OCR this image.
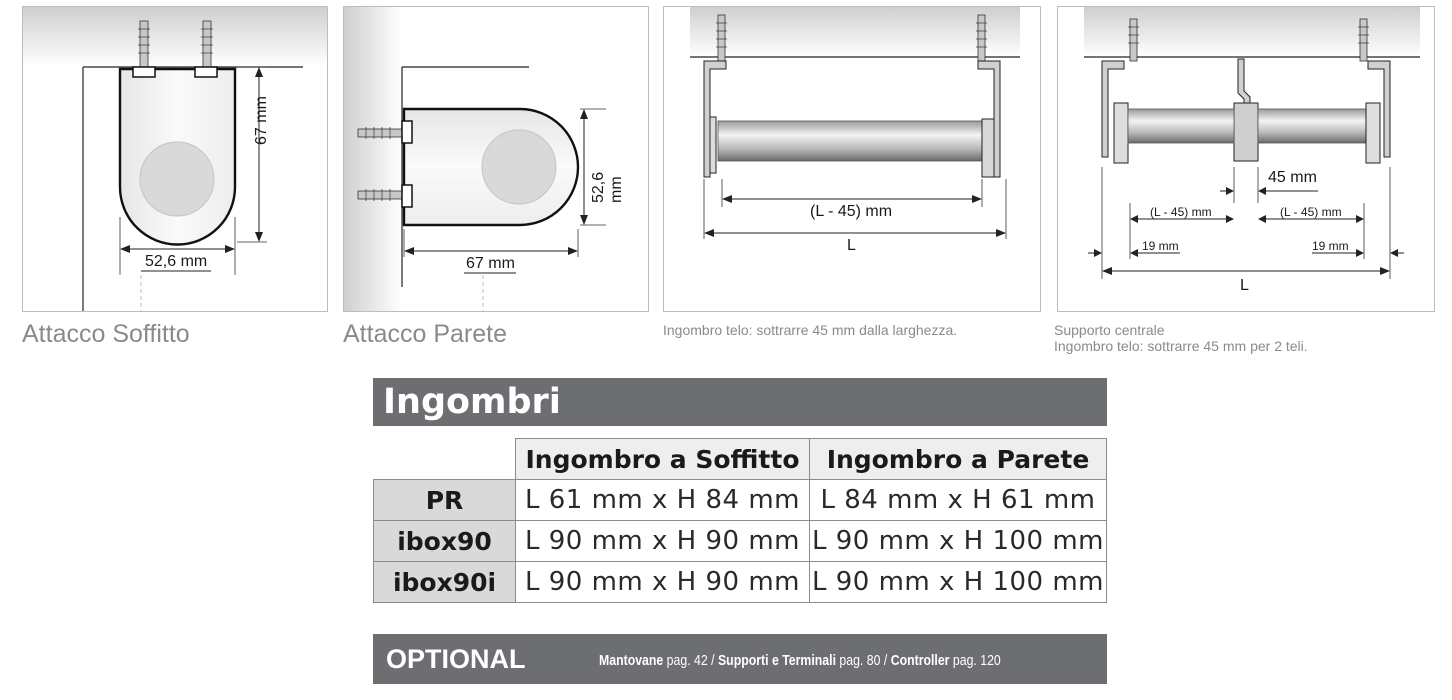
67 mm
52,6 mm
Attacco Soffitto
52,6 mm
67 mm
Attacco Parete
(L - 45) mm
L
Ingombro telo: sottrarre 45 mm dalla larghezza.
45 mm
(L - 45) mm	(L - 45) mm
19 mm	19 mm
L
Supporto centrale
Ingombro telo: sottrarre 45 mm per 2 teli.
Ingombri
	Ingombro a Soffitto	Ingombro a Parete
PR	L 61 mm x H 84 mm	L 84 mm x H 61 mm
ibox90	L 90 mm x H 90 mm	L 90 mm x H 100 mm
ibox90i	L 90 mm x H 90 mm	L 90 mm x H 100 mm
OPTIONAL	Mantovane pag. 42 / Supporti e Terminali pag. 80 / Controller pag. 120
